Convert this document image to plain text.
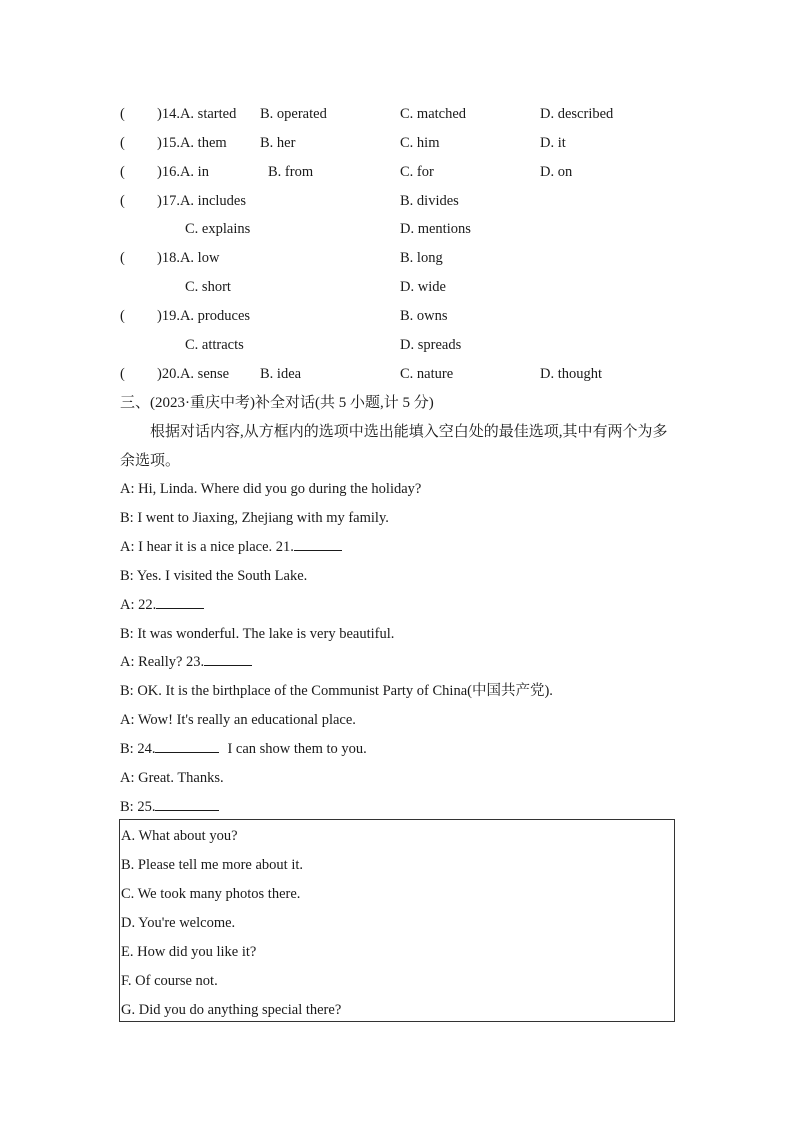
( )14.A. started B. operated	C. matched	D. described
( )15.A. them B. her	C. him	D. it
( )16.A. in	B. from	C. for	D. on
( )17.A. includes	B. divides
C. explains	D. mentions
( )18.A. low	B. long
C. short	D. wide
( )19.A. produces	B. owns
C. attracts	D. spreads
( )20.A. sense B. idea	C. nature	D. thought
三、(2023·重庆中考)补全对话(共 5 小题,计 5 分)
根据对话内容,从方框内的选项中选出能填入空白处的最佳选项,其中有两个为多余选项。
A: Hi, Linda. Where did you go during the holiday?
B: I went to Jiaxing, Zhejiang with my family.
A: I hear it is a nice place. 21.
B: Yes. I visited the South Lake.
A: 22.
B: It was wonderful. The lake is very beautiful.
A: Really? 23.
B: OK. It is the birthplace of the Communist Party of China(中国共产党).
A: Wow! It's really an educational place.
B: 24.	I can show them to you.
A: Great. Thanks.
B: 25.
A. What about you?
B. Please tell me more about it.
C. We took many photos there.
D. You're welcome.
E. How did you like it?
F. Of course not.
G. Did you do anything special there?
